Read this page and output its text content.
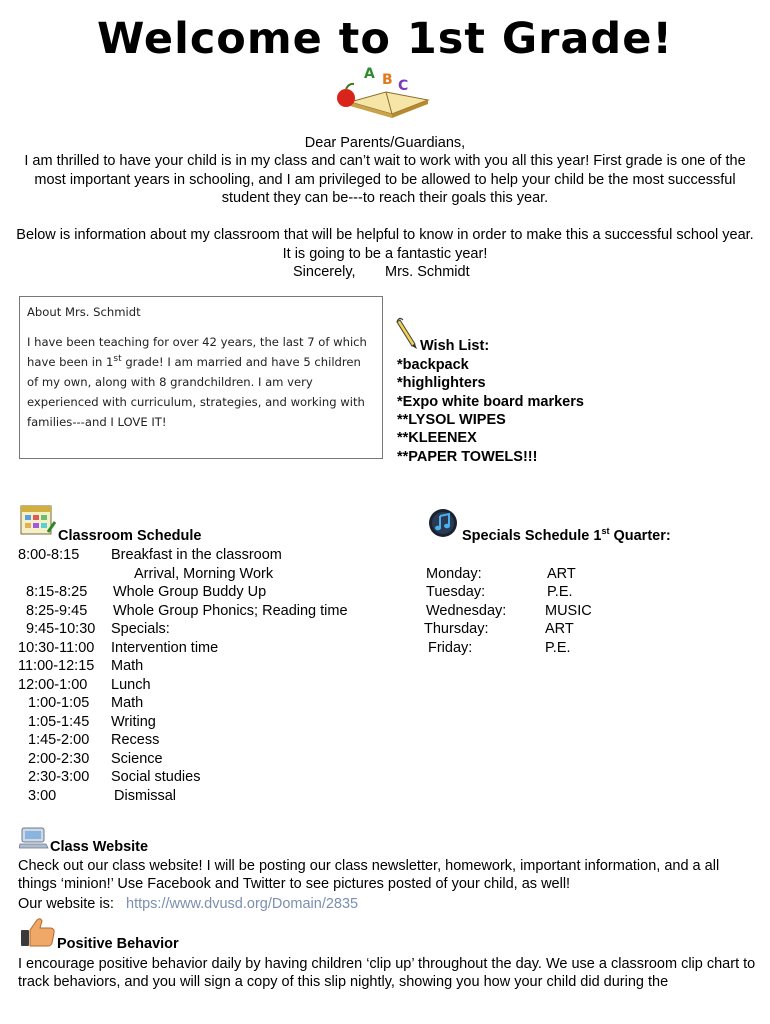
Welcome to 1st Grade!
A B C
Dear Parents/Guardians,
I am thrilled to have your child is in my class and can’t wait to work with you all this year! First grade is one of the most important years in schooling, and I am privileged to be allowed to help your child be the most successful student they can be---to reach their goals this year.
Below is information about my classroom that will be helpful to know in order to make this a successful school year. It is going to be a fantastic year!
Sincerely, Mrs. Schmidt
About Mrs. Schmidt
I have been teaching for over 42 years, the last 7 of which have been in 1st grade! I am married and have 5 children of my own, along with 8 grandchildren. I am very experienced with curriculum, strategies, and working with families---and I LOVE IT!
Wish List:
*backpack
*highlighters
*Expo white board markers
**LYSOL WIPES
**KLEENEX
**PAPER TOWELS!!!
Classroom Schedule
8:00-8:15 Breakfast in the classroom
Arrival, Morning Work
8:15-8:25 Whole Group Buddy Up
8:25-9:45 Whole Group Phonics; Reading time
9:45-10:30 Specials:
10:30-11:00 Intervention time
11:00-12:15 Math
12:00-1:00 Lunch
1:00-1:05 Math
1:05-1:45 Writing
1:45-2:00 Recess
2:00-2:30 Science
2:30-3:00 Social studies
3:00	Dismissal
Specials Schedule 1st Quarter:
Monday:	ART
Tuesday:	P.E.
Wednesday:	MUSIC
Thursday:	ART
Friday:	P.E.
Class Website
Check out our class website! I will be posting our class newsletter, homework, important information, and a all things ‘minion!’ Use Facebook and Twitter to see pictures posted of your child, as well!
Our website is: https://www.dvusd.org/Domain/2835
Positive Behavior
I encourage positive behavior daily by having children ‘clip up’ throughout the day. We use a classroom clip chart to track behaviors, and you will sign a copy of this slip nightly, showing you how your child did during the
